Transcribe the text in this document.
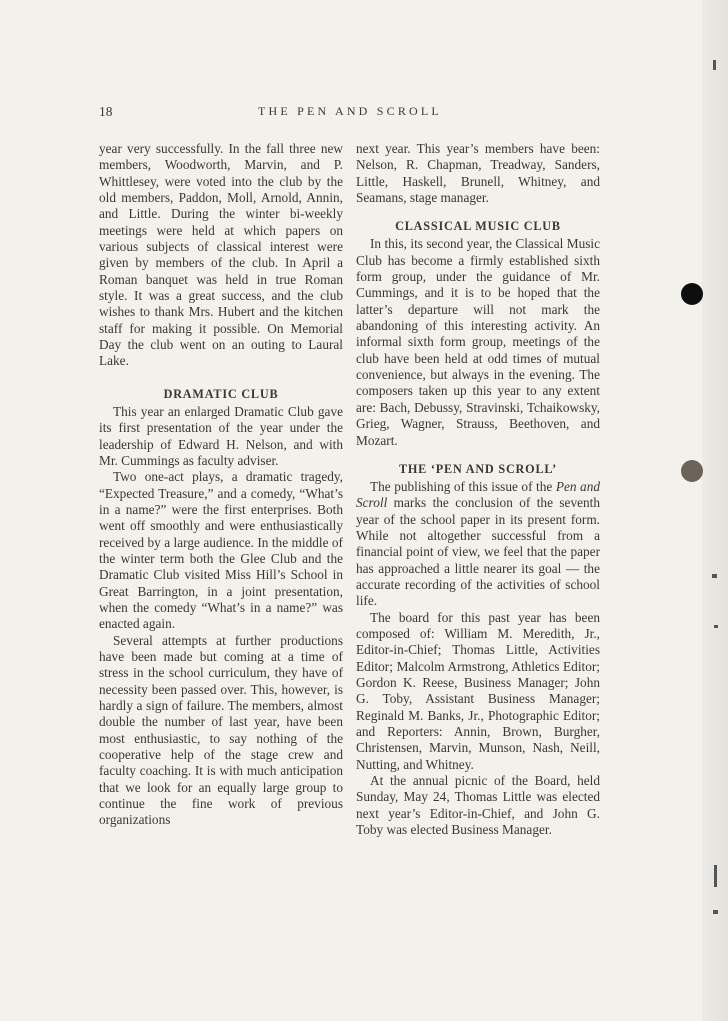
18	THE PEN AND SCROLL

year very successfully. In the fall three new members, Woodworth, Marvin, and P. Whittlesey, were voted into the club by the old members, Paddon, Moll, Arnold, Annin, and Little. During the winter bi-weekly meetings were held at which papers on various subjects of classical interest were given by members of the club. In April a Roman banquet was held in true Roman style. It was a great success, and the club wishes to thank Mrs. Hubert and the kitchen staff for making it possible. On Memorial Day the club went on an outing to Laural Lake.

DRAMATIC CLUB

This year an enlarged Dramatic Club gave its first presentation of the year under the leadership of Edward H. Nelson, and with Mr. Cummings as faculty adviser.

Two one-act plays, a dramatic tragedy, “Expected Treasure,” and a comedy, “What’s in a name?” were the first enterprises. Both went off smoothly and were enthusiastically received by a large audience. In the middle of the winter term both the Glee Club and the Dramatic Club visited Miss Hill’s School in Great Barrington, in a joint presentation, when the comedy “What’s in a name?” was enacted again.

Several attempts at further productions have been made but coming at a time of stress in the school curriculum, they have of necessity been passed over. This, however, is hardly a sign of failure. The members, almost double the number of last year, have been most enthusiastic, to say nothing of the cooperative help of the stage crew and faculty coaching. It is with much anticipation that we look for an equally large group to continue the fine work of previous organizations

next year. This year’s members have been: Nelson, R. Chapman, Treadway, Sanders, Little, Haskell, Brunell, Whitney, and Seamans, stage manager.

CLASSICAL MUSIC CLUB

In this, its second year, the Classical Music Club has become a firmly established sixth form group, under the guidance of Mr. Cummings, and it is to be hoped that the latter’s departure will not mark the abandoning of this interesting activity. An informal sixth form group, meetings of the club have been held at odd times of mutual convenience, but always in the evening. The composers taken up this year to any extent are: Bach, Debussy, Stravinski, Tchaikowsky, Grieg, Wagner, Strauss, Beethoven, and Mozart.

THE ‘PEN AND SCROLL’

The publishing of this issue of the Pen and Scroll marks the conclusion of the seventh year of the school paper in its present form. While not altogether successful from a financial point of view, we feel that the paper has approached a little nearer its goal — the accurate recording of the activities of school life.

The board for this past year has been composed of: William M. Meredith, Jr., Editor-in-Chief; Thomas Little, Activities Editor; Malcolm Armstrong, Athletics Editor; Gordon K. Reese, Business Manager; John G. Toby, Assistant Business Manager; Reginald M. Banks, Jr., Photographic Editor; and Reporters: Annin, Brown, Burgher, Christensen, Marvin, Munson, Nash, Neill, Nutting, and Whitney.

At the annual picnic of the Board, held Sunday, May 24, Thomas Little was elected next year’s Editor-in-Chief, and John G. Toby was elected Business Manager.
